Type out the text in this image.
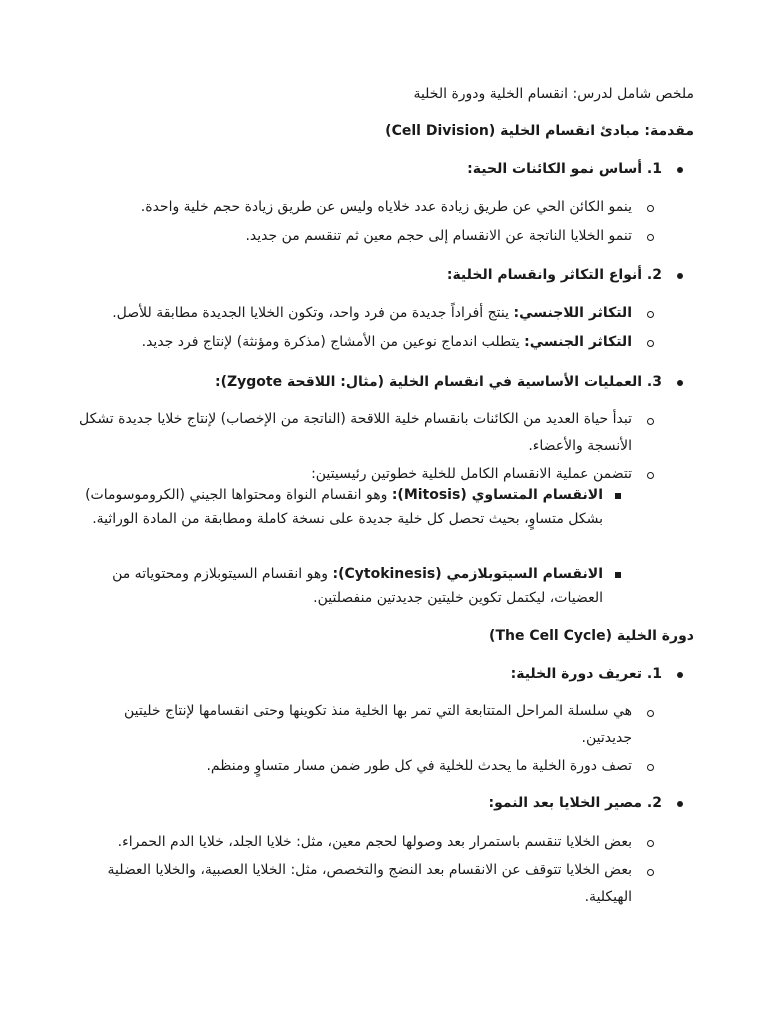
ملخص شامل لدرس: انقسام الخلية ودورة الخلية
مقدمة: مبادئ انقسام الخلية (Cell Division)
1. أساس نمو الكائنات الحية:
ينمو الكائن الحي عن طريق زيادة عدد خلاياه وليس عن طريق زيادة حجم خلية واحدة.
تنمو الخلايا الناتجة عن الانقسام إلى حجم معين ثم تنقسم من جديد.
2. أنواع التكاثر وانقسام الخلية:
التكاثر اللاجنسي: ينتج أفراداً جديدة من فرد واحد، وتكون الخلايا الجديدة مطابقة للأصل.
التكاثر الجنسي: يتطلب اندماج نوعين من الأمشاج (مذكرة ومؤنثة) لإنتاج فرد جديد.
3. العمليات الأساسية في انقسام الخلية (مثال: اللاقحة Zygote):
تبدأ حياة العديد من الكائنات بانقسام خلية اللاقحة (الناتجة من الإخصاب) لإنتاج خلايا جديدة تشكل الأنسجة والأعضاء.
تتضمن عملية الانقسام الكامل للخلية خطوتين رئيسيتين:
الانقسام المتساوي (Mitosis): وهو انقسام النواة ومحتواها الجيني (الكروموسومات) بشكل متساوٍ، بحيث تحصل كل خلية جديدة على نسخة كاملة ومطابقة من المادة الوراثية.
الانقسام السيتوبلازمي (Cytokinesis): وهو انقسام السيتوبلازم ومحتوياته من العضيات، ليكتمل تكوين خليتين جديدتين منفصلتين.
دورة الخلية (The Cell Cycle)
1. تعريف دورة الخلية:
هي سلسلة المراحل المتتابعة التي تمر بها الخلية منذ تكوينها وحتى انقسامها لإنتاج خليتين جديدتين.
تصف دورة الخلية ما يحدث للخلية في كل طور ضمن مسار متساوٍ ومنظم.
2. مصير الخلايا بعد النمو:
بعض الخلايا تنقسم باستمرار بعد وصولها لحجم معين، مثل: خلايا الجلد، خلايا الدم الحمراء.
بعض الخلايا تتوقف عن الانقسام بعد النضج والتخصص، مثل: الخلايا العصبية، والخلايا العضلية الهيكلية.
